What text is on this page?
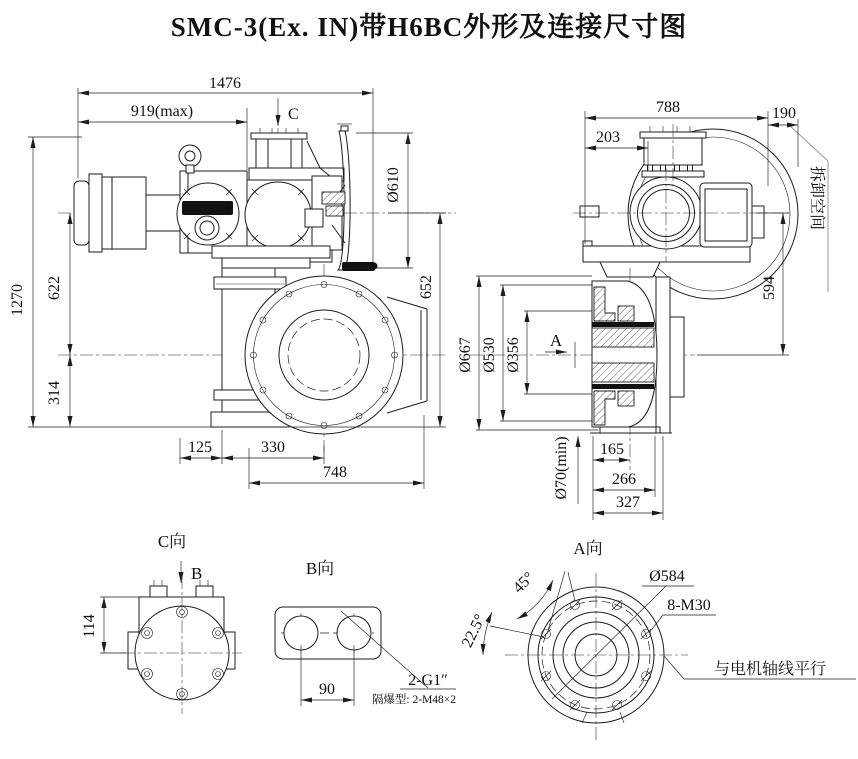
SMC-3(Ex. IN)带H6BC外形及连接尺寸图
1476
919(max)	C
Ø610
652
1270 622
314
125	330
748
拆卸空间
788	190
203
594
Ø667 Ø530 Ø356 A
Ø70(min) 165
266
327
C向
B
114
B向
90
2-G1″
隔爆型: 2-M48×2
A向
45°
22.5°
Ø584
8-M30
与电机轴线平行
